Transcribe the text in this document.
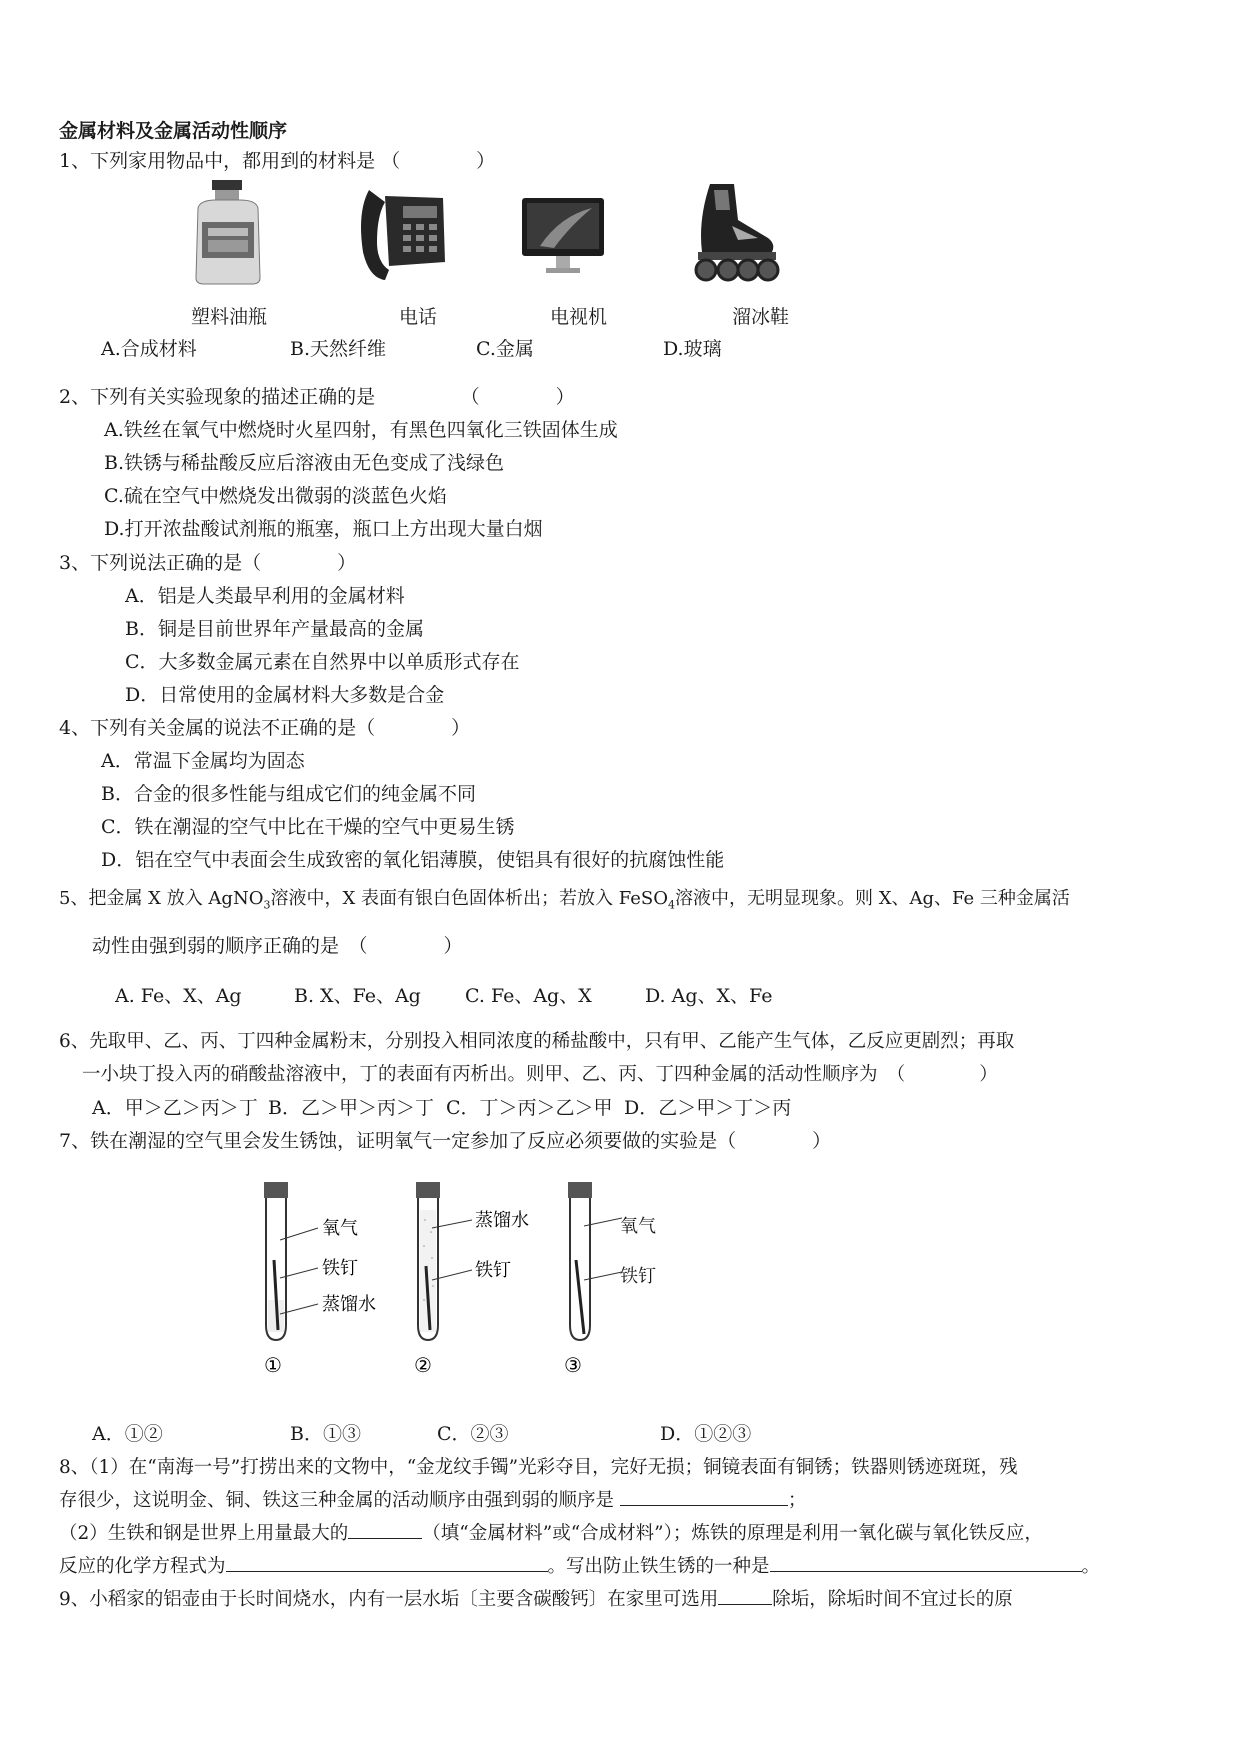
金属材料及金属活动性顺序
1、下列家用物品中，都用到的材料是 （　　　　）
塑料油瓶	电话	电视机	溜冰鞋
A.合成材料	B.天然纤维	C.金属	D.玻璃
2、下列有关实验现象的描述正确的是　　　　　（　　　　）
A.铁丝在氧气中燃烧时火星四射，有黑色四氧化三铁固体生成
B.铁锈与稀盐酸反应后溶液由无色变成了浅绿色
C.硫在空气中燃烧发出微弱的淡蓝色火焰
D.打开浓盐酸试剂瓶的瓶塞，瓶口上方出现大量白烟
3、下列说法正确的是（　　　　）
A．铝是人类最早利用的金属材料
B．铜是目前世界年产量最高的金属
C．大多数金属元素在自然界中以单质形式存在
D．日常使用的金属材料大多数是合金
4、下列有关金属的说法不正确的是（　　　　）
A．常温下金属均为固态
B．合金的很多性能与组成它们的纯金属不同
C．铁在潮湿的空气中比在干燥的空气中更易生锈
D．铝在空气中表面会生成致密的氧化铝薄膜，使铝具有很好的抗腐蚀性能
5、把金属 X 放入 AgNO$_3$溶液中，X 表面有银白色固体析出；若放入 FeSO$_4$溶液中，无明显现象。则 X、Ag、Fe 三种金属活
动性由强到弱的顺序正确的是　（　　　　）
A. Fe、X、Ag	B. X、Fe、Ag C. Fe、Ag、X	D. Ag、X、Fe
6、先取甲、乙、丙、丁四种金属粉末，分别投入相同浓度的稀盐酸中，只有甲、乙能产生气体，乙反应更剧烈；再取
一小块丁投入丙的硝酸盐溶液中，丁的表面有丙析出。则甲、乙、丙、丁四种金属的活动性顺序为　（　　　　）
A．甲＞乙＞丙＞丁 B．乙＞甲＞丙＞丁 C．丁＞丙＞乙＞甲 D．乙＞甲＞丁＞丙
7、铁在潮湿的空气里会发生锈蚀，证明氧气一定参加了反应必须要做的实验是（　　　　）
氧气
铁钉
蒸馏水
①
蒸馏水
铁钉
②	③
氧气
铁钉
A．①②	B．①③	C．②③	D．①②③
8、（1）在“南海一号”打捞出来的文物中，“金龙纹手镯”光彩夺目，完好无损；铜镜表面有铜锈；铁器则锈迹斑斑，残
存很少，这说明金、铜、铁这三种金属的活动顺序由强到弱的顺序是	；
（2）生铁和钢是世界上用量最大的	（填“金属材料”或“合成材料”）；炼铁的原理是利用一氧化碳与氧化铁反应，
反应的化学方程式为	。写出防止铁生锈的一种是	。
9、小稻家的铝壶由于长时间烧水，内有一层水垢〔主要含碳酸钙〕在家里可选用	除垢，除垢时间不宜过长的原
